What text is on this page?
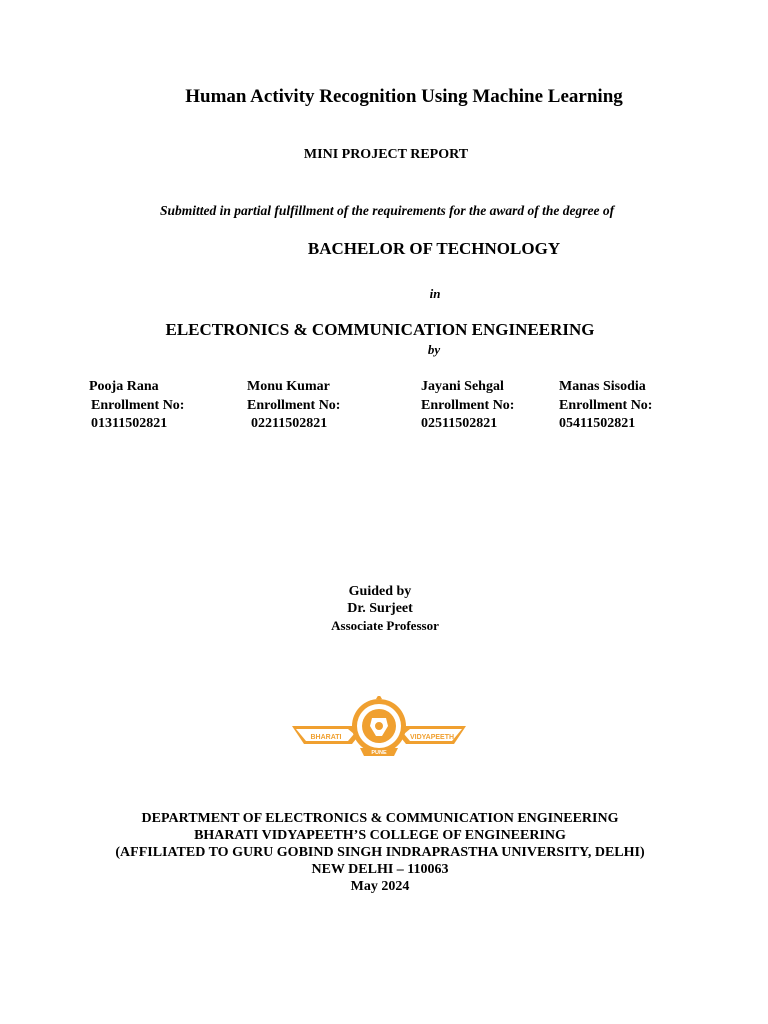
Human Activity Recognition Using Machine Learning
MINI PROJECT REPORT
Submitted in partial fulfillment of the requirements for the award of the degree of
BACHELOR OF TECHNOLOGY
in
ELECTRONICS & COMMUNICATION ENGINEERING
by
Pooja Rana
Enrollment No:
01311502821
Monu Kumar
Enrollment No:
02211502821
Jayani Sehgal
Enrollment No:
02511502821
Manas Sisodia
Enrollment No:
05411502821
Guided by
Dr. Surjeet
Associate Professor
BHARATI	VIDYAPEETH
PUNE
DEPARTMENT OF ELECTRONICS & COMMUNICATION ENGINEERING
BHARATI VIDYAPEETH’S COLLEGE OF ENGINEERING
(AFFILIATED TO GURU GOBIND SINGH INDRAPRASTHA UNIVERSITY, DELHI)
NEW DELHI – 110063
May 2024
